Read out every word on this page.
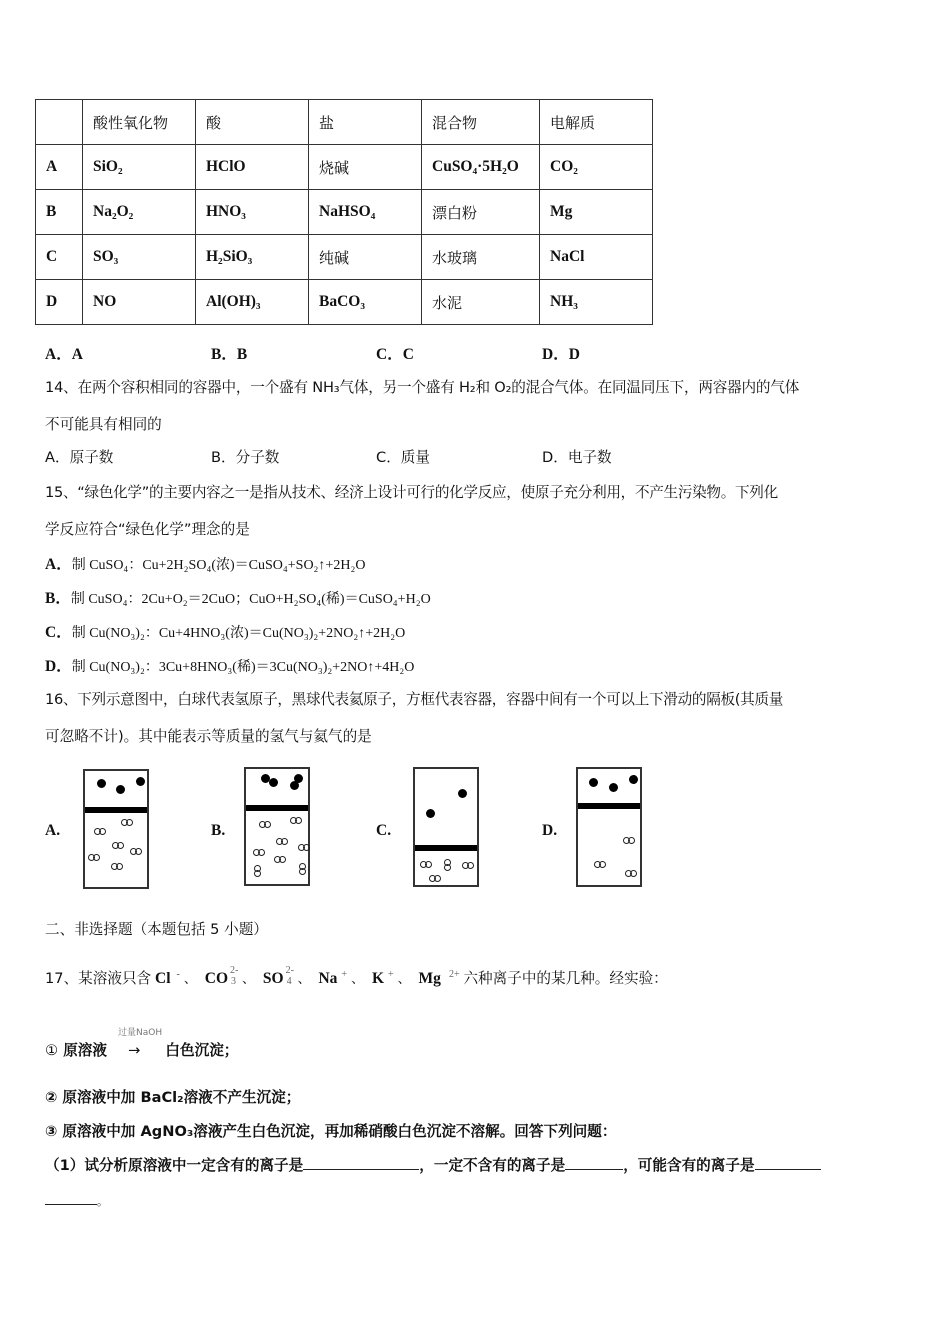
	酸性氧化物	酸	盐	混合物	电解质
A	SiO₂	HClO	烧碱	CuSO₄·5H₂O	CO₂
B	Na₂O₂	HNO₃	NaHSO₄	漂白粉	Mg
C	SO₃	H₂SiO₃	纯碱	水玻璃	NaCl
D	NO	Al(OH)₃	BaCO₃	水泥	NH₃
A．A	B．B	C．C	D．D
14、在两个容积相同的容器中，一个盛有 NH₃气体，另一个盛有 H₂和 O₂的混合气体。在同温同压下，两容器内的气体
不可能具有相同的
A．原子数	B．分子数	C．质量	D．电子数
15、“绿色化学”的主要内容之一是指从技术、经济上设计可行的化学反应，使原子充分利用，不产生污染物。下列化
学反应符合“绿色化学”理念的是
A．制 CuSO₄：Cu+2H₂SO₄(浓)＝CuSO₄+SO₂↑+2H₂O
B．制 CuSO₄：2Cu+O₂＝2CuO；CuO+H₂SO₄(稀)＝CuSO₄+H₂O
C．制 Cu(NO₃)₂：Cu+4HNO₃(浓)＝Cu(NO₃)₂+2NO₂↑+2H₂O
D．制 Cu(NO₃)₂：3Cu+8HNO₃(稀)＝3Cu(NO₃)₂+2NO↑+4H₂O
16、下列示意图中，白球代表氢原子，黑球代表氦原子，方框代表容器，容器中间有一个可以上下滑动的隔板(其质量
可忽略不计)。其中能表示等质量的氢气与氦气的是
A.	B.	C.	D.
二、非选择题（本题包括 5 小题）
17、某溶液只含 Cl - 、 CO 2-
3 、 SO 2-
4 、 Na + 、 K + 、 Mg $^{2+}$ 六种离子中的某几种。经实验：
过量NaOH
① 原溶液 → 白色沉淀；
② 原溶液中加 BaCl₂溶液不产生沉淀；
③ 原溶液中加 AgNO₃溶液产生白色沉淀，再加稀硝酸白色沉淀不溶解。回答下列问题：
（1）试分析原溶液中一定含有的离子是	，一定不含有的离子是	，可能含有的离子是
。
